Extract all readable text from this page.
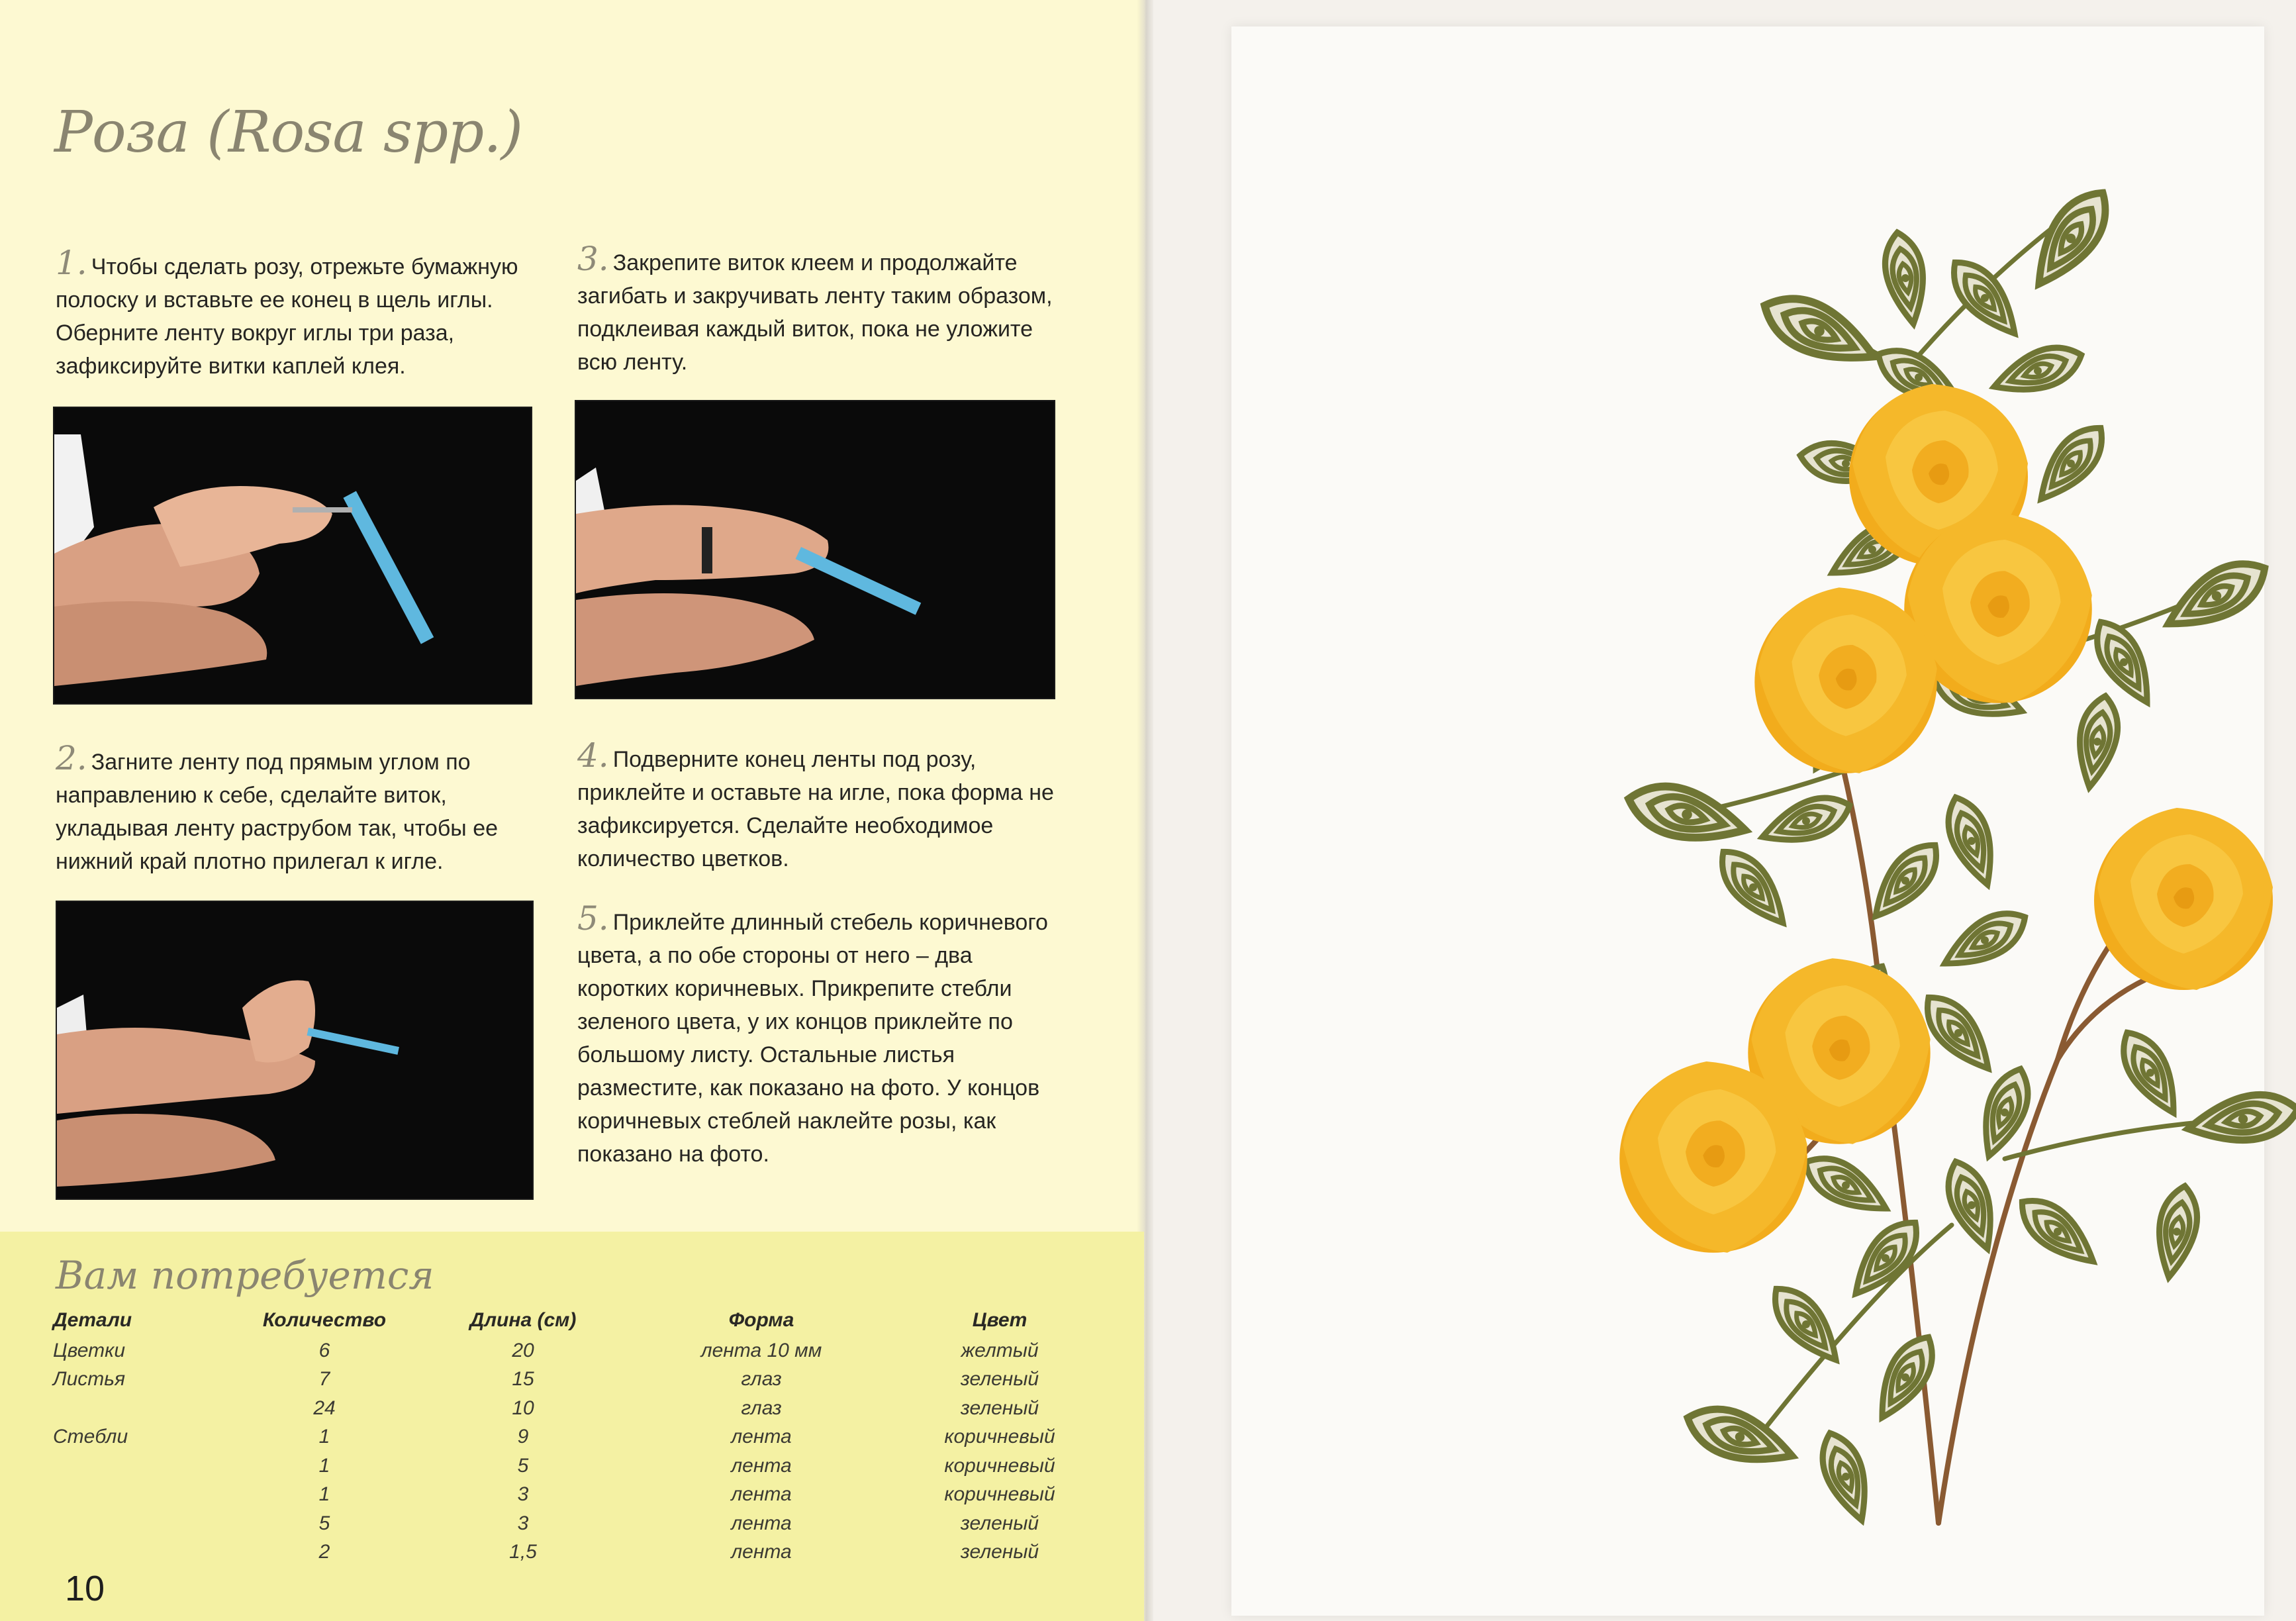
Роза (Rosa spp.)
1. Чтобы сделать розу, отрежьте бумажную полоску и вставьте ее конец в щель иглы. Оберните ленту вокруг иглы три раза, зафиксируйте витки каплей клея.
3. Закрепите виток клеем и продолжайте загибать и закручивать ленту таким образом, подклеивая каждый виток, пока не уложите всю ленту.
2. Загните ленту под прямым углом по направлению к себе, сделайте виток, укладывая ленту раструбом так, чтобы ее нижний край плотно прилегал к игле.
4. Подверните конец ленты под розу, приклейте и оставьте на игле, пока форма не зафиксируется. Сделайте необходимое количество цветков.
5. Приклейте длинный стебель коричневого цвета, а по обе стороны от него – два коротких коричневых. Прикрепите стебли зеленого цвета, у их концов приклейте по большому листу. Остальные листья разместите, как показано на фото. У концов коричневых стеблей наклейте розы, как показано на фото.
Вам потребуется
Детали	Количество	Длина (см)	Форма	Цвет
Цветки	6	20	лента 10 мм	желтый
Листья	7	15	глаз	зеленый
	24	10	глаз	зеленый
Стебли	1	9	лента	коричневый
	1	5	лента	коричневый
	1	3	лента	коричневый
	5	3	лента	зеленый
	2	1,5	лента	зеленый
10
